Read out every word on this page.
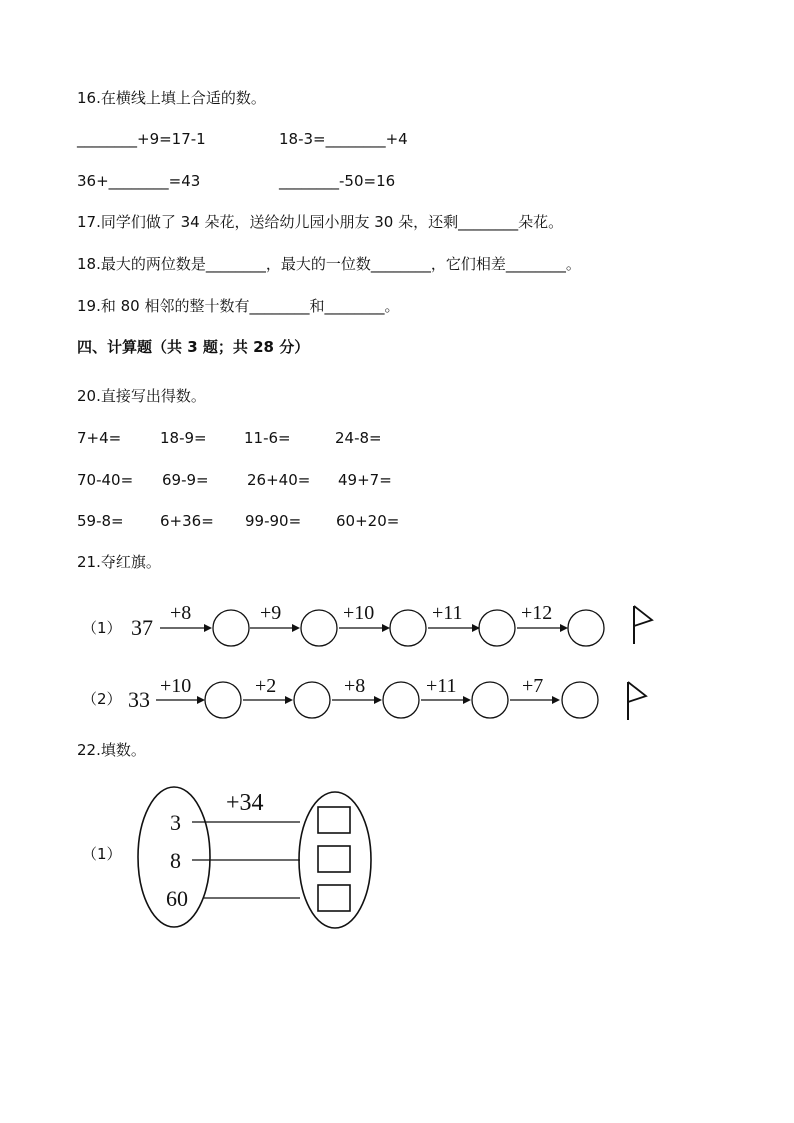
16.在横线上填上合适的数。
________+9=17-1	18-3=________+4
36+________=43	________-50=16
17.同学们做了 34 朵花，送给幼儿园小朋友 30 朵，还剩________朵花。
18.最大的两位数是________，最大的一位数________，它们相差________。
19.和 80 相邻的整十数有________和________。
四、计算题（共 3 题；共 28 分）
20.直接写出得数。
7+4=	18-9= 11-6=	24-8=
70-40= 69-9=	26+40= 49+7=
59-8= 6+36= 99-90= 60+20=
21.夺红旗。
（1） 37
+8	+9	+10	+11	+12
（2） 33
+10	+2	+8	+11	+7
22.填数。
（1）
+34
3
8
60
